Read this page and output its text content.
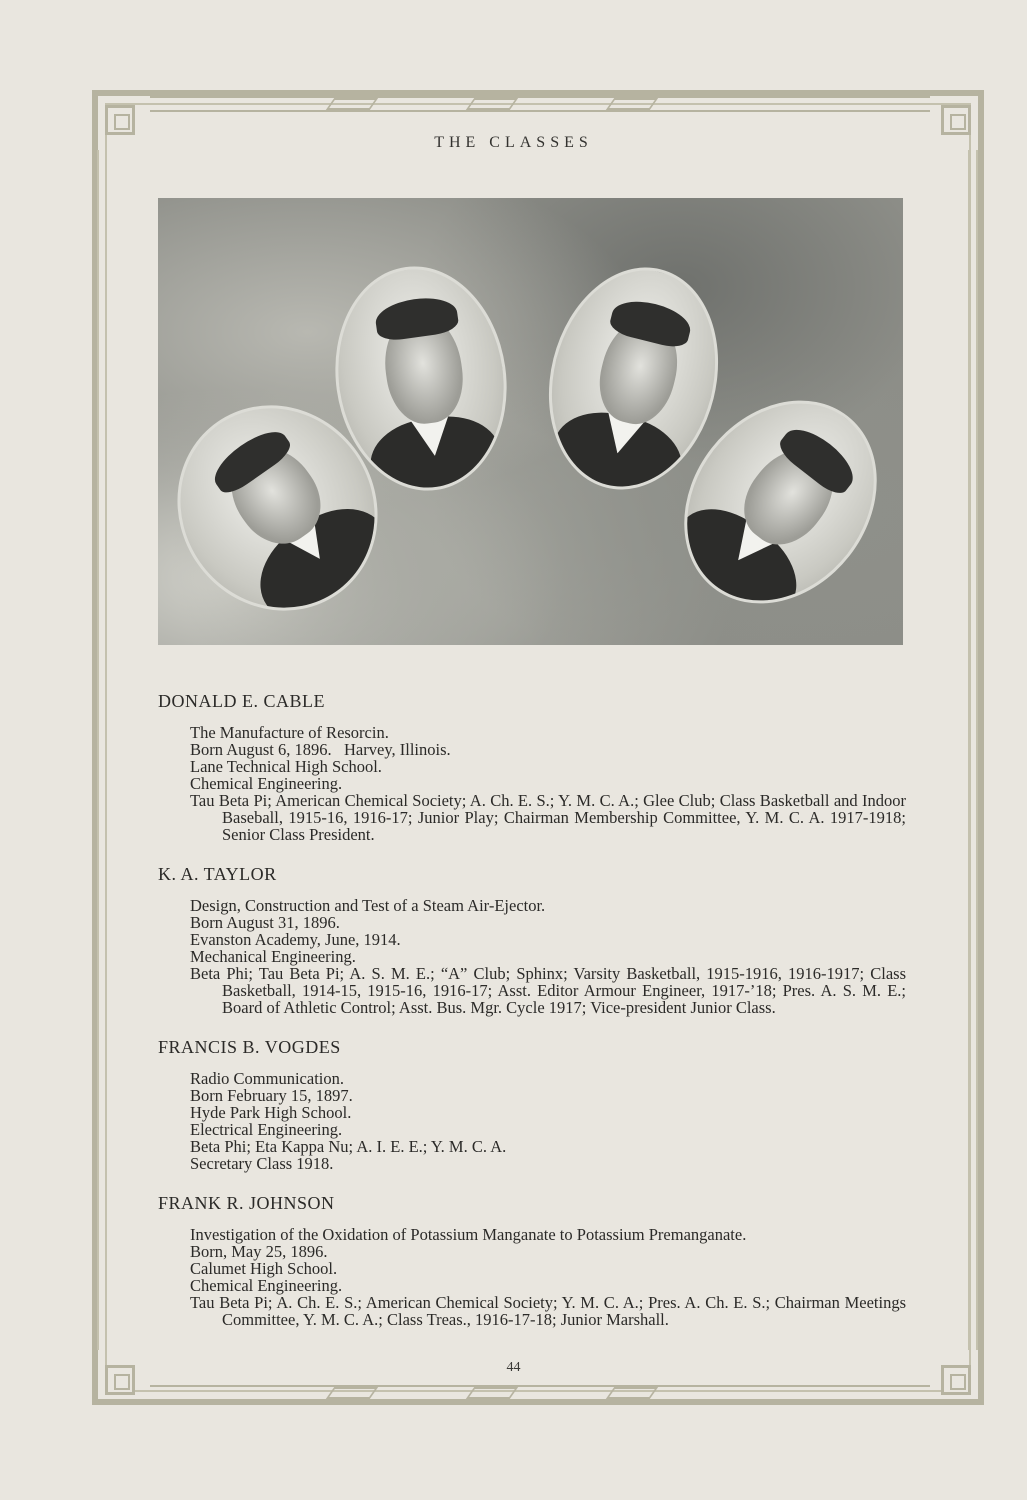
THE CLASSES
DONALD E. CABLE
The Manufacture of Resorcin.
Born August 6, 1896.   Harvey, Illinois.
Lane Technical High School.
Chemical Engineering.
Tau Beta Pi; American Chemical Society; A. Ch. E. S.; Y. M. C. A.; Glee Club; Class Basketball and Indoor Baseball, 1915-16, 1916-17; Junior Play; Chairman Membership Committee, Y. M. C. A. 1917-1918; Senior Class President.
K. A. TAYLOR
Design, Construction and Test of a Steam Air-Ejector.
Born August 31, 1896.
Evanston Academy, June, 1914.
Mechanical Engineering.
Beta Phi; Tau Beta Pi; A. S. M. E.; “A” Club; Sphinx; Varsity Basketball, 1915-1916, 1916-1917; Class Basketball, 1914-15, 1915-16, 1916-17; Asst. Editor Armour Engineer, 1917-’18; Pres. A. S. M. E.; Board of Athletic Control; Asst. Bus. Mgr. Cycle 1917; Vice-president Junior Class.
FRANCIS B. VOGDES
Radio Communication.
Born February 15, 1897.
Hyde Park High School.
Electrical Engineering.
Beta Phi; Eta Kappa Nu; A. I. E. E.; Y. M. C. A.
Secretary Class 1918.
FRANK R. JOHNSON
Investigation of the Oxidation of Potassium Manganate to Potassium Premanganate.
Born, May 25, 1896.
Calumet High School.
Chemical Engineering.
Tau Beta Pi; A. Ch. E. S.; American Chemical Society; Y. M. C. A.; Pres. A. Ch. E. S.; Chairman Meetings Committee, Y. M. C. A.; Class Treas., 1916-17-18; Junior Marshall.
44
